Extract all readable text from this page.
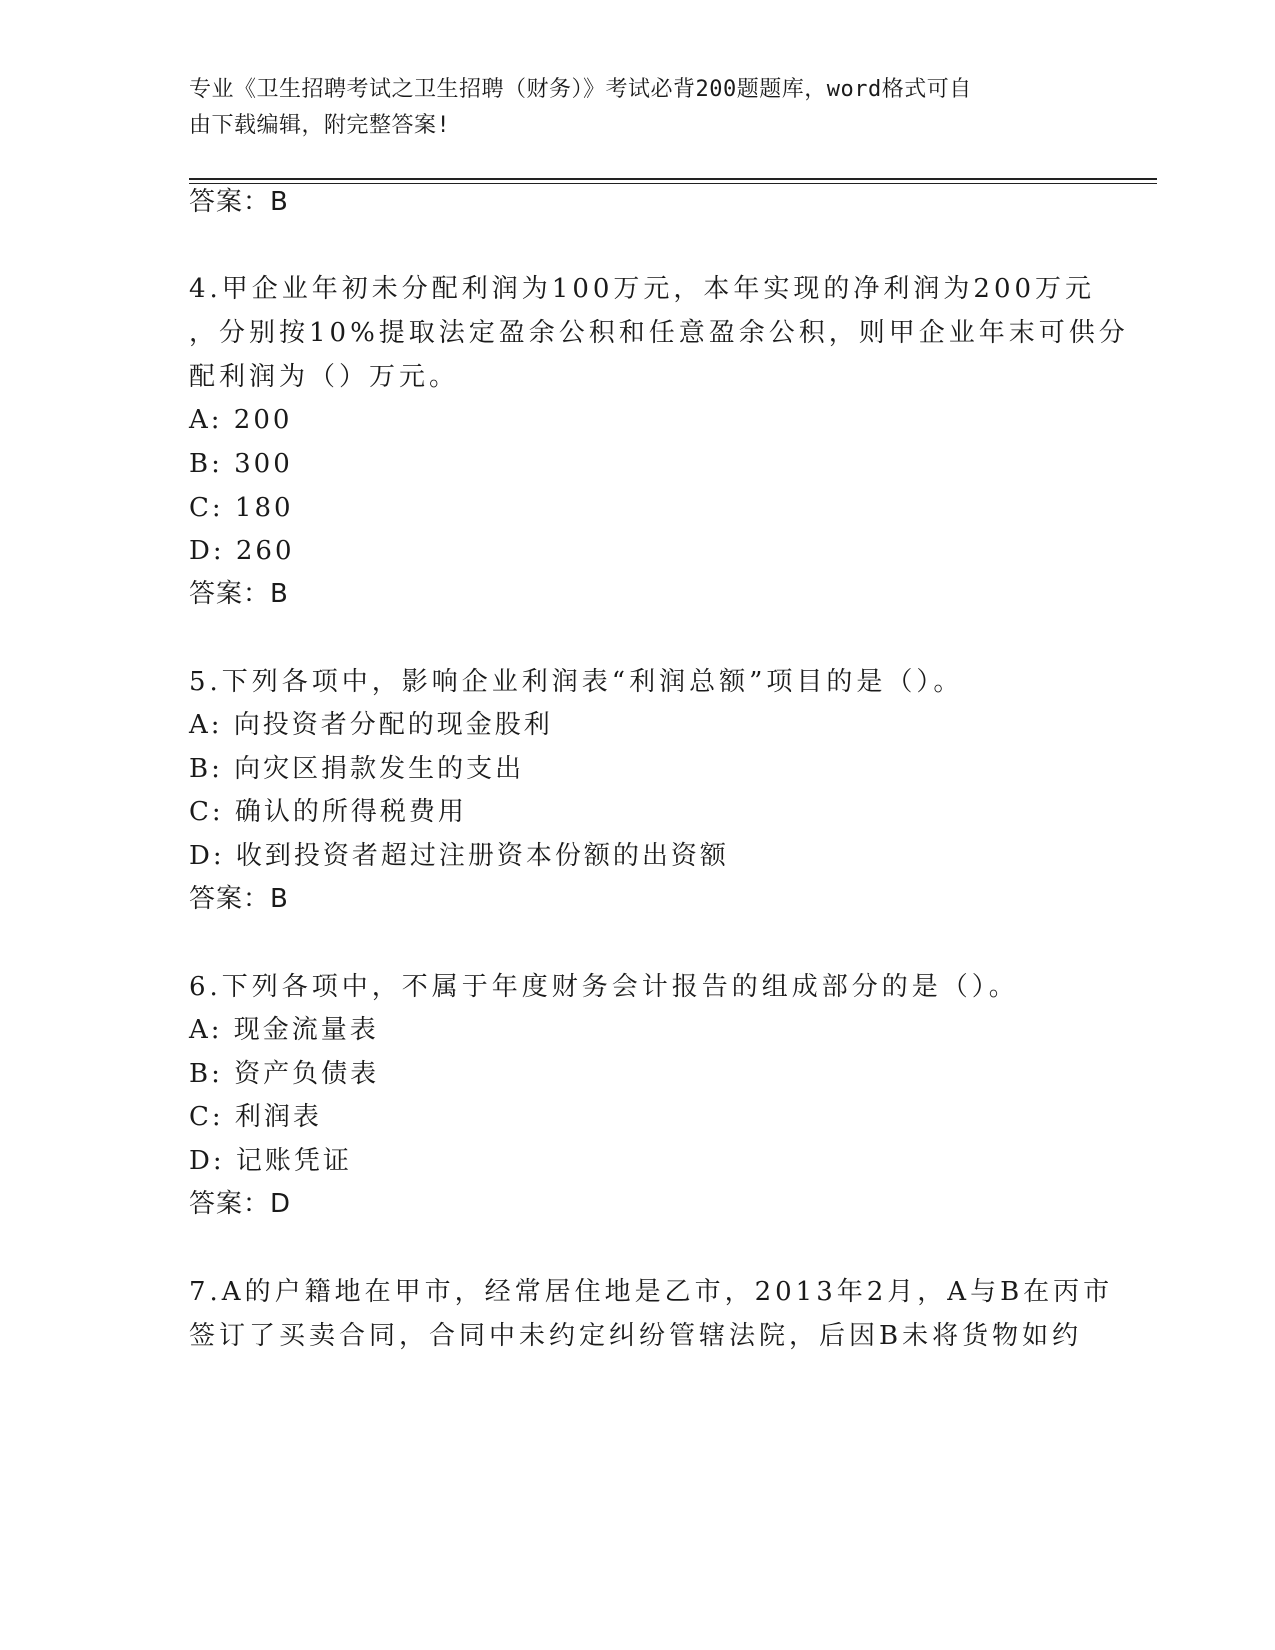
专业《卫生招聘考试之卫生招聘（财务）》考试必背200题题库，word格式可自
由下载编辑，附完整答案!
答案：B
4.甲企业年初未分配利润为100万元，本年实现的净利润为200万元
，分别按10%提取法定盈余公积和任意盈余公积，则甲企业年末可供分
配利润为（）万元。
A: 200
B: 300
C: 180
D: 260
答案：B
5.下列各项中，影响企业利润表“利润总额”项目的是（）。
A: 向投资者分配的现金股利
B: 向灾区捐款发生的支出
C: 确认的所得税费用
D: 收到投资者超过注册资本份额的出资额
答案：B
6.下列各项中，不属于年度财务会计报告的组成部分的是（）。
A: 现金流量表
B: 资产负债表
C: 利润表
D: 记账凭证
答案：D
7.A的户籍地在甲市，经常居住地是乙市，2013年2月，A与B在丙市
签订了买卖合同，合同中未约定纠纷管辖法院，后因B未将货物如约
